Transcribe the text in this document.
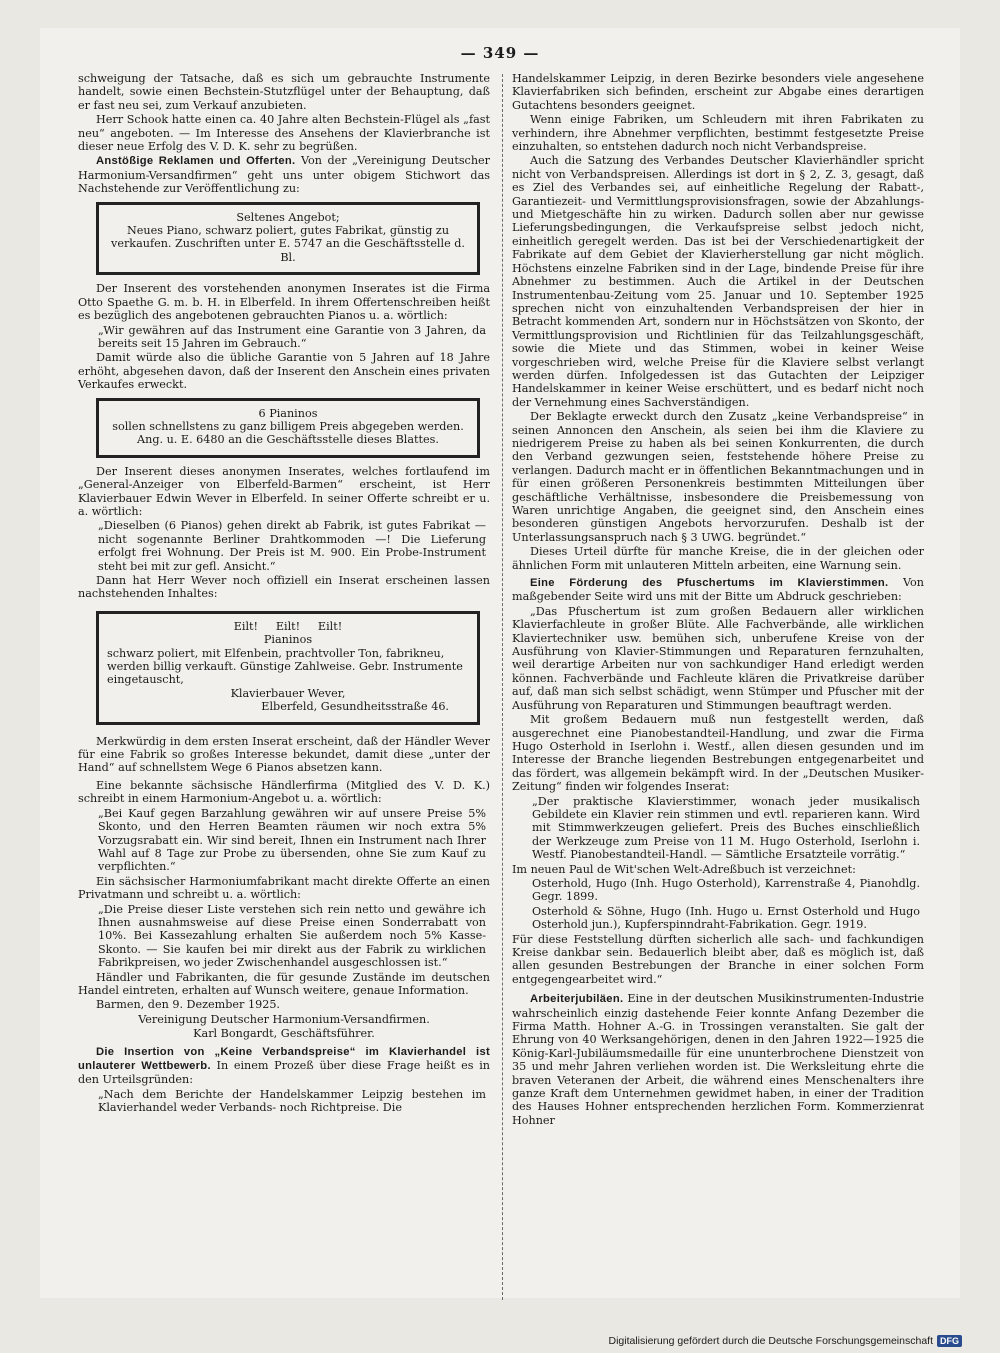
— 349 —

schweigung der Tatsache, daß es sich um gebrauchte Instrumente handelt, sowie einen Bechstein-Stutzflügel unter der Behauptung, daß er fast neu sei, zum Verkauf anzubieten.

Herr Schook hatte einen ca. 40 Jahre alten Bechstein-Flügel als „fast neu“ angeboten. — Im Interesse des Ansehens der Klavierbranche ist dieser neue Erfolg des V. D. K. sehr zu begrüßen.

Anstößige Reklamen und Offerten. Von der „Vereinigung Deutscher Harmonium-Versandfirmen“ geht uns unter obigem Stichwort das Nachstehende zur Veröffentlichung zu:

Seltenes Angebot;
Neues Piano, schwarz poliert, gutes Fabrikat, günstig zu verkaufen. Zuschriften unter E. 5747 an die Geschäftsstelle d. Bl.

Der Inserent des vorstehenden anonymen Inserates ist die Firma Otto Spaethe G. m. b. H. in Elberfeld. In ihrem Offertenschreiben heißt es bezüglich des angebotenen gebrauchten Pianos u. a. wörtlich:

„Wir gewähren auf das Instrument eine Garantie von 3 Jahren, da bereits seit 15 Jahren im Gebrauch.“

Damit würde also die übliche Garantie von 5 Jahren auf 18 Jahre erhöht, abgesehen davon, daß der Inserent den Anschein eines privaten Verkaufes erweckt.

6 Pianinos
sollen schnellstens zu ganz billigem Preis abgegeben werden. Ang. u. E. 6480 an die Geschäftsstelle dieses Blattes.

Der Inserent dieses anonymen Inserates, welches fortlaufend im „General-Anzeiger von Elberfeld-Barmen“ erscheint, ist Herr Klavierbauer Edwin Wever in Elberfeld. In seiner Offerte schreibt er u. a. wörtlich:

„Dieselben (6 Pianos) gehen direkt ab Fabrik, ist gutes Fabrikat — nicht sogenannte Berliner Drahtkommoden —! Die Lieferung erfolgt frei Wohnung. Der Preis ist M. 900. Ein Probe-Instrument steht bei mit zur gefl. Ansicht.“

Dann hat Herr Wever noch offiziell ein Inserat erscheinen lassen nachstehenden Inhaltes:

Eilt!     Eilt!     Eilt!
Pianinos
schwarz poliert, mit Elfenbein, prachtvoller Ton, fabrikneu, werden billig verkauft. Günstige Zahlweise. Gebr. Instrumente eingetauscht,
Klavierbauer Wever,
Elberfeld, Gesundheitsstraße 46.

Merkwürdig in dem ersten Inserat erscheint, daß der Händler Wever für eine Fabrik so großes Interesse bekundet, damit diese „unter der Hand“ auf schnellstem Wege 6 Pianos absetzen kann.

Eine bekannte sächsische Händlerfirma (Mitglied des V. D. K.) schreibt in einem Harmonium-Angebot u. a. wörtlich:

„Bei Kauf gegen Barzahlung gewähren wir auf unsere Preise 5% Skonto, und den Herren Beamten räumen wir noch extra 5% Vorzugsrabatt ein. Wir sind bereit, Ihnen ein Instrument nach Ihrer Wahl auf 8 Tage zur Probe zu übersenden, ohne Sie zum Kauf zu verpflichten.“

Ein sächsischer Harmoniumfabrikant macht direkte Offerte an einen Privatmann und schreibt u. a. wörtlich:

„Die Preise dieser Liste verstehen sich rein netto und gewähre ich Ihnen ausnahmsweise auf diese Preise einen Sonderrabatt von 10%. Bei Kassezahlung erhalten Sie außerdem noch 5% Kasse-Skonto. — Sie kaufen bei mir direkt aus der Fabrik zu wirklichen Fabrikpreisen, wo jeder Zwischenhandel ausgeschlossen ist.“

Händler und Fabrikanten, die für gesunde Zustände im deutschen Handel eintreten, erhalten auf Wunsch weitere, genaue Information.

Barmen, den 9. Dezember 1925.

Vereinigung Deutscher Harmonium-Versandfirmen.

Karl Bongardt, Geschäftsführer.

Die Insertion von „Keine Verbandspreise“ im Klavierhandel ist unlauterer Wettbewerb. In einem Prozeß über diese Frage heißt es in den Urteilsgründen:

„Nach dem Berichte der Handelskammer Leipzig bestehen im Klavierhandel weder Verbands- noch Richtpreise. Die

Handelskammer Leipzig, in deren Bezirke besonders viele angesehene Klavierfabriken sich befinden, erscheint zur Abgabe eines derartigen Gutachtens besonders geeignet.

Wenn einige Fabriken, um Schleudern mit ihren Fabrikaten zu verhindern, ihre Abnehmer verpflichten, bestimmt festgesetzte Preise einzuhalten, so entstehen dadurch noch nicht Verbandspreise.

Auch die Satzung des Verbandes Deutscher Klavierhändler spricht nicht von Verbandspreisen. Allerdings ist dort in § 2, Z. 3, gesagt, daß es Ziel des Verbandes sei, auf einheitliche Regelung der Rabatt-, Garantiezeit- und Vermittlungsprovisionsfragen, sowie der Abzahlungs- und Mietgeschäfte hin zu wirken. Dadurch sollen aber nur gewisse Lieferungsbedingungen, die Verkaufspreise selbst jedoch nicht, einheitlich geregelt werden. Das ist bei der Verschiedenartigkeit der Fabrikate auf dem Gebiet der Klavierherstellung gar nicht möglich. Höchstens einzelne Fabriken sind in der Lage, bindende Preise für ihre Abnehmer zu bestimmen. Auch die Artikel in der Deutschen Instrumentenbau-Zeitung vom 25. Januar und 10. September 1925 sprechen nicht von einzuhaltenden Verbandspreisen der hier in Betracht kommenden Art, sondern nur in Höchstsätzen von Skonto, der Vermittlungsprovision und Richtlinien für das Teilzahlungsgeschäft, sowie die Miete und das Stimmen, wobei in keiner Weise vorgeschrieben wird, welche Preise für die Klaviere selbst verlangt werden dürfen. Infolgedessen ist das Gutachten der Leipziger Handelskammer in keiner Weise erschüttert, und es bedarf nicht noch der Vernehmung eines Sachverständigen.

Der Beklagte erweckt durch den Zusatz „keine Verbandspreise“ in seinen Annoncen den Anschein, als seien bei ihm die Klaviere zu niedrigerem Preise zu haben als bei seinen Konkurrenten, die durch den Verband gezwungen seien, feststehende höhere Preise zu verlangen. Dadurch macht er in öffentlichen Bekanntmachungen und in für einen größeren Personenkreis bestimmten Mitteilungen über geschäftliche Verhältnisse, insbesondere die Preisbemessung von Waren unrichtige Angaben, die geeignet sind, den Anschein eines besonderen günstigen Angebots hervorzurufen. Deshalb ist der Unterlassungsanspruch nach § 3 UWG. begründet.“

Dieses Urteil dürfte für manche Kreise, die in der gleichen oder ähnlichen Form mit unlauteren Mitteln arbeiten, eine Warnung sein.

Eine Förderung des Pfuschertums im Klavierstimmen. Von maßgebender Seite wird uns mit der Bitte um Abdruck geschrieben:

„Das Pfuschertum ist zum großen Bedauern aller wirklichen Klavierfachleute in großer Blüte. Alle Fachverbände, alle wirklichen Klaviertechniker usw. bemühen sich, unberufene Kreise von der Ausführung von Klavier-Stimmungen und Reparaturen fernzuhalten, weil derartige Arbeiten nur von sachkundiger Hand erledigt werden können. Fachverbände und Fachleute klären die Privatkreise darüber auf, daß man sich selbst schädigt, wenn Stümper und Pfuscher mit der Ausführung von Reparaturen und Stimmungen beauftragt werden.

Mit großem Bedauern muß nun festgestellt werden, daß ausgerechnet eine Pianobestandteil-Handlung, und zwar die Firma Hugo Osterhold in Iserlohn i. Westf., allen diesen gesunden und im Interesse der Branche liegenden Bestrebungen entgegenarbeitet und das fördert, was allgemein bekämpft wird. In der „Deutschen Musiker-Zeitung“ finden wir folgendes Inserat:

„Der praktische Klavierstimmer, wonach jeder musikalisch Gebildete ein Klavier rein stimmen und evtl. reparieren kann. Wird mit Stimmwerkzeugen geliefert. Preis des Buches einschließlich der Werkzeuge zum Preise von 11 M. Hugo Osterhold, Iserlohn i. Westf. Pianobestandteil-Handl. — Sämtliche Ersatzteile vorrätig.“

Im neuen Paul de Wit'schen Welt-Adreßbuch ist verzeichnet:

Osterhold, Hugo (Inh. Hugo Osterhold), Karrenstraße 4, Pianohdlg. Gegr. 1899.

Osterhold & Söhne, Hugo (Inh. Hugo u. Ernst Osterhold und Hugo Osterhold jun.), Kupferspinndraht-Fabrikation. Gegr. 1919.

Für diese Feststellung dürften sicherlich alle sach- und fachkundigen Kreise dankbar sein. Bedauerlich bleibt aber, daß es möglich ist, daß allen gesunden Bestrebungen der Branche in einer solchen Form entgegengearbeitet wird.“

Arbeiterjubiläen. Eine in der deutschen Musikinstrumenten-Industrie wahrscheinlich einzig dastehende Feier konnte Anfang Dezember die Firma Matth. Hohner A.-G. in Trossingen veranstalten. Sie galt der Ehrung von 40 Werksangehörigen, denen in den Jahren 1922—1925 die König-Karl-Jubiläumsmedaille für eine ununterbrochene Dienstzeit von 35 und mehr Jahren verliehen worden ist. Die Werksleitung ehrte die braven Veteranen der Arbeit, die während eines Menschenalters ihre ganze Kraft dem Unternehmen gewidmet haben, in einer der Tradition des Hauses Hohner entsprechenden herzlichen Form. Kommerzienrat Hohner

Digitalisierung gefördert durch die Deutsche Forschungsgemeinschaft DFG
